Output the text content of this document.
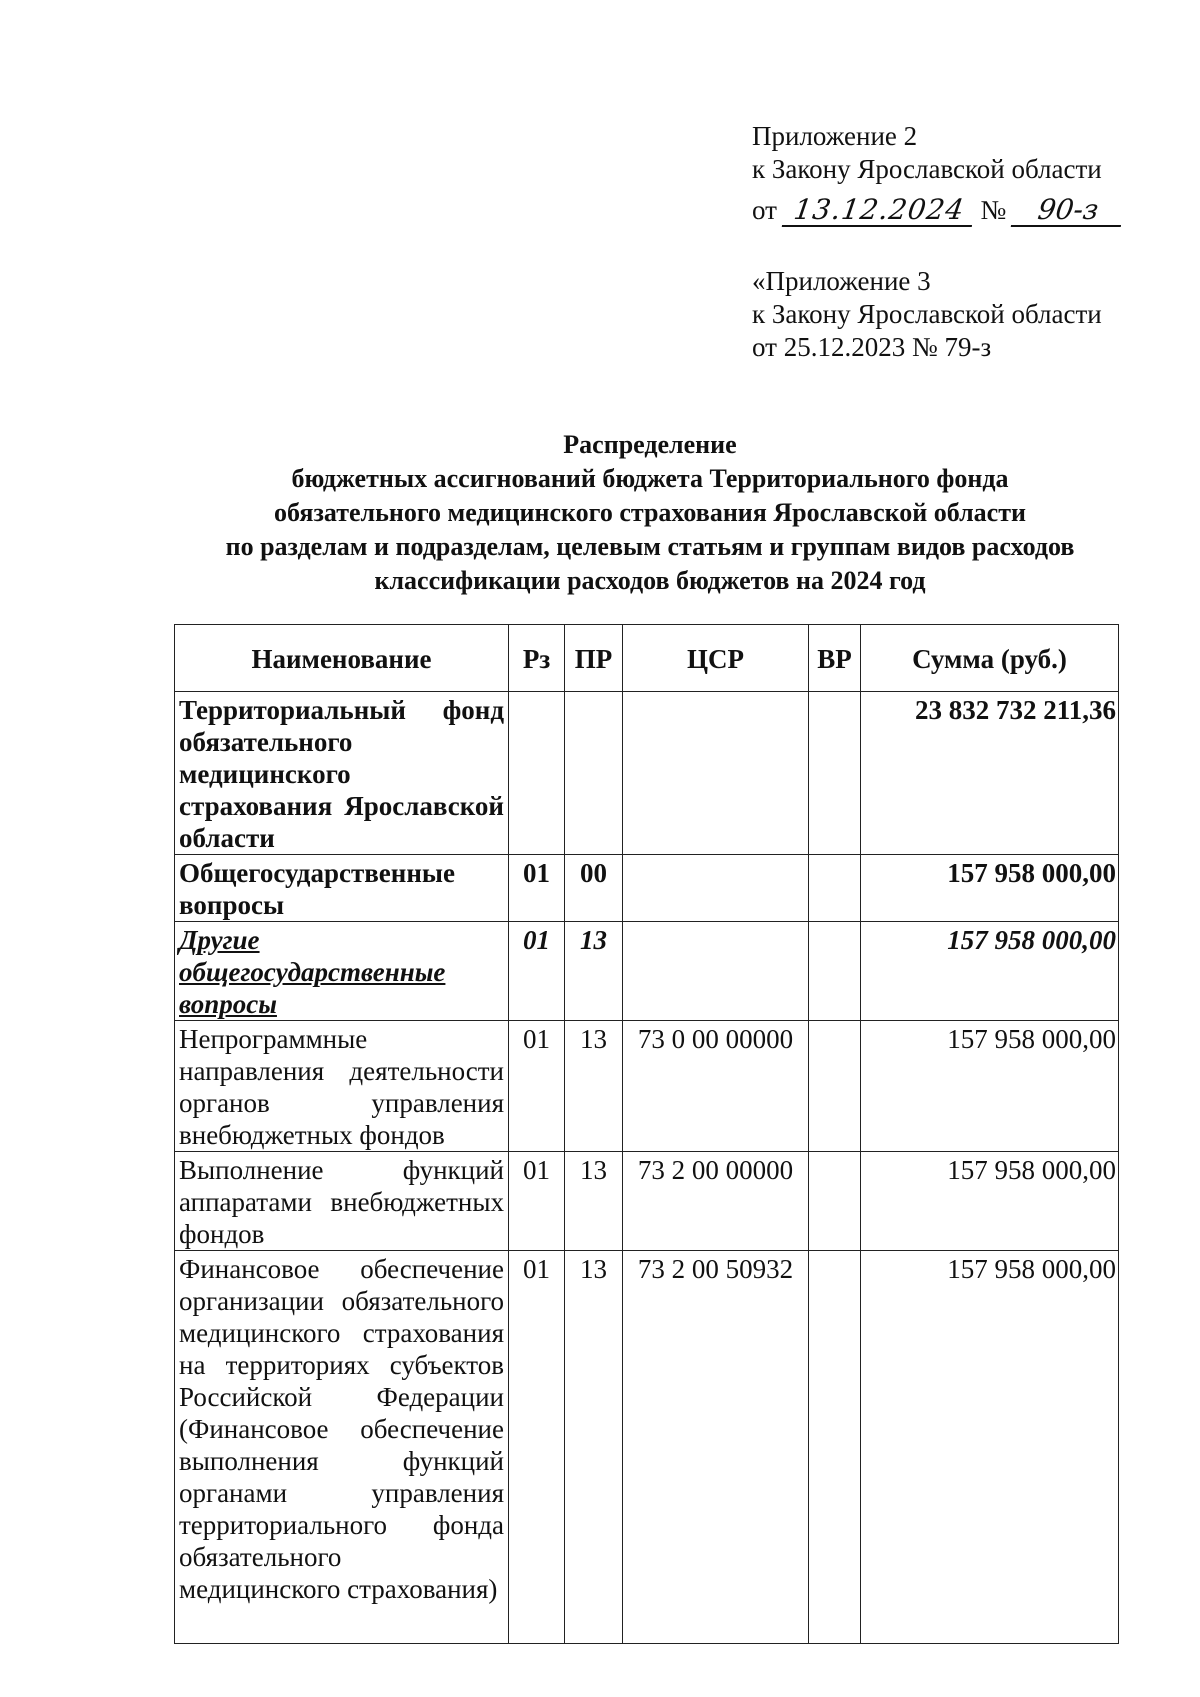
Приложение 2
к Закону Ярославской области
от 13.12.2024 № 90-з
«Приложение 3
к Закону Ярославской области
от 25.12.2023 № 79-з
Распределение
бюджетных ассигнований бюджета Территориального фонда
обязательного медицинского страхования Ярославской области
по разделам и подразделам, целевым статьям и группам видов расходов
классификации расходов бюджетов на 2024 год
Наименование	Рз	ПР	ЦСР	ВР	Сумма (руб.)
Территориальный фонд обязательного медицинского страхования Ярославской области					23 832 732 211,36
Общегосударственные вопросы	01	00			157 958 000,00
Другие общегосударственные вопросы	01	13			157 958 000,00
Непрограммные направления деятельности органов управления внебюджетных фондов	01	13	73 0 00 00000		157 958 000,00
Выполнение функций аппаратами внебюджетных фондов	01	13	73 2 00 00000		157 958 000,00
Финансовое обеспечение организации обязательного медицинского страхования на территориях субъектов Российской Федерации (Финансовое обеспечение выполнения функций органами управления территориального фонда обязательного медицинского страхования)	01	13	73 2 00 50932		157 958 000,00
